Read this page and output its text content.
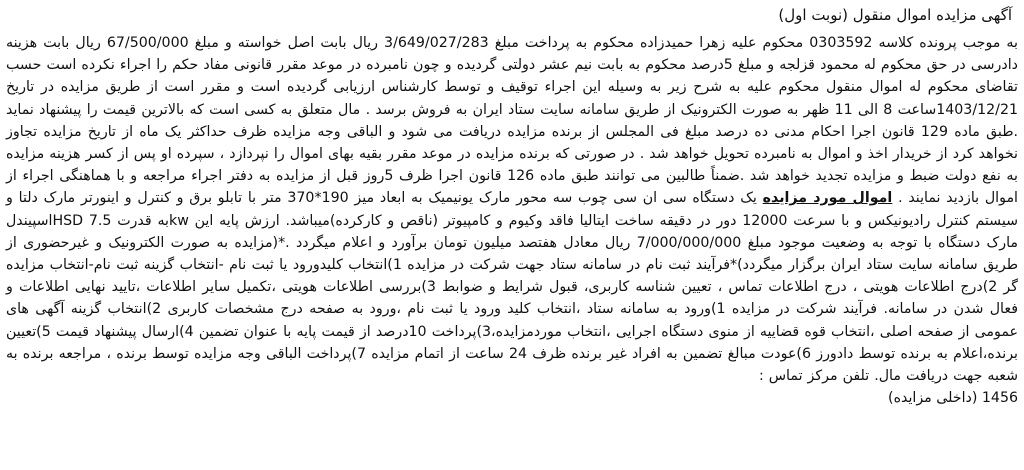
آگهی مزایده اموال منقول (نوبت اول)

به موجب پرونده کلاسه 0303592 محکوم علیه زهرا حمیدزاده محکوم به پرداخت مبلغ 3/649/027/283 ریال بابت اصل خواسته و مبلغ 67/500/000 ریال بابت هزینه دادرسی در حق محکوم له محمود قزلجه و مبلغ 5درصد محکوم به بابت نیم عشر دولتی گردیده و چون نامبرده در موعد مقرر قانونی مفاد حکم را اجراء نکرده است حسب تقاضای محکوم له اموال منقول محکوم علیه به شرح زیر به وسیله این اجراء توقیف و توسط کارشناس ارزیابی گردیده است و مقرر است از طریق مزایده در تاریخ 1403/12/21ساعت 8 الی 11 ظهر به صورت الکترونیک از طریق سامانه سایت ستاد ایران به فروش برسد . مال متعلق به کسی است که بالاترین قیمت را پیشنهاد نماید .طبق ماده 129 قانون اجرا احکام مدنی ده درصد مبلغ فی المجلس از برنده مزایده دریافت می شود و الباقی وجه مزایده ظرف حداکثر یک ماه از تاریخ مزایده تجاوز نخواهد کرد از خریدار اخذ و اموال به نامبرده تحویل خواهد شد . در صورتی که برنده مزایده در موعد مقرر بقیه بهای اموال را نپردازد ، سپرده او پس از کسر هزینه مزایده به نفع دولت ضبط و مزایده تجدید خواهد شد .ضمناً طالبین می توانند طبق ماده 126 قانون اجرا ظرف 5روز قبل از مزایده به دفتر اجراء مراجعه و با هماهنگی اجراء از اموال بازدید نمایند . اموال مورد مزایده یک دستگاه سی ان سی چوب سه محور مارک یونیمیک به ابعاد میز 190*370 متر با تابلو برق و کنترل و اینورتر مارک دلتا و سیستم کنترل رادیونیکس و با سرعت 12000 دور در دقیقه ساخت ایتالیا فاقد وکیوم و کامپیوتر (ناقص و کارکرده)میباشد. ارزش پایه این kwبه قدرت HSD 7.5اسپیندل مارک دستگاه با توجه به وضعیت موجود مبلغ 7/000/000/000 ریال معادل هفتصد میلیون تومان برآورد و اعلام میگردد .*(مزایده به صورت الکترونیک و غیرحضوری از طریق سامانه سایت ستاد ایران برگزار میگردد)*فرآیند ثبت نام در سامانه ستاد جهت شرکت در مزایده 1)انتخاب کلیدورود یا ثبت نام -انتخاب گزینه ثبت نام-انتخاب مزایده گر 2)درج اطلاعات هویتی ، درج اطلاعات تماس ، تعیین شناسه کاربری، قبول شرایط و ضوابط 3)بررسی اطلاعات هویتی ،تکمیل سایر اطلاعات ،تایید نهایی اطلاعات و فعال شدن در سامانه. فرآیند شرکت در مزایده 1)ورود به سامانه ستاد ،انتخاب کلید ورود یا ثبت نام ،ورود به صفحه درج مشخصات کاربری 2)انتخاب گزینه آگهی های عمومی از صفحه اصلی ،انتخاب قوه قضاییه از منوی دستگاه اجرایی ،انتخاب موردمزایده،3)پرداخت 10درصد از قیمت پایه با عنوان تضمین 4)ارسال پیشنهاد قیمت 5)تعیین برنده،اعلام به برنده توسط دادورز 6)عودت مبالغ تضمین به افراد غیر برنده ظرف 24 ساعت از اتمام مزایده 7)پرداخت الباقی وجه مزایده توسط برنده ، مراجعه برنده به شعبه جهت دریافت مال. تلفن مرکز تماس :

1456 (داخلی مزایده)
